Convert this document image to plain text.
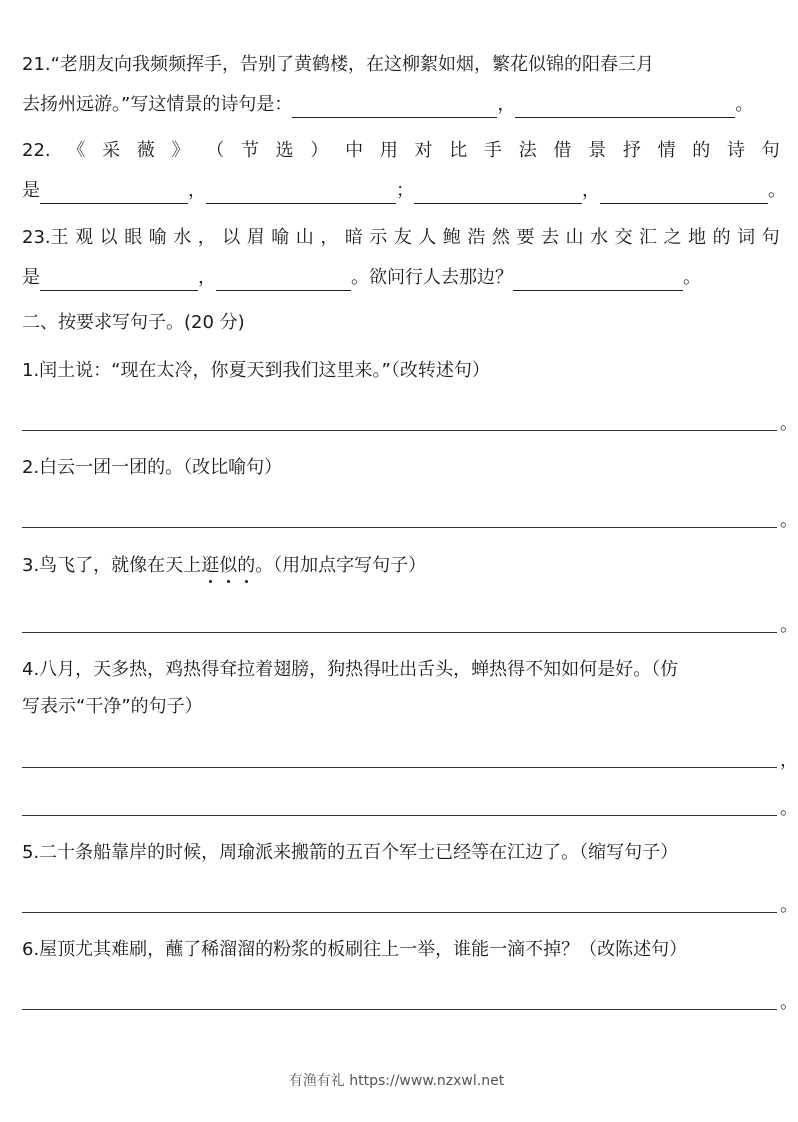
21.“老朋友向我频频挥手，告别了黄鹤楼，在这柳絮如烟，繁花似锦的阳春三月
去扬州远游。”写这情景的诗句是：	，	。
22. 《 采 薇 》 （ 节 选 ） 中 用 对 比 手 法 借 景 抒 情 的 诗 句
是	，	；	，	。
23.王 观 以 眼 喻 水 ， 以 眉 喻 山 ， 暗 示 友 人 鲍 浩 然 要 去 山 水 交 汇 之 地 的 词 句
是	，	。欲问行人去那边？	。
二、按要求写句子。(20 分)
1.闰土说：“现在太冷，你夏天到我们这里来。”（改转述句）
。
2.白云一团一团的。（改比喻句）
。
3.鸟飞了，就像在天上逛似的。（用加点字写句子）
。
4.八月，天多热，鸡热得耷拉着翅膀，狗热得吐出舌头，蝉热得不知如何是好。（仿
写表示“干净”的句子）
，
。
5.二十条船靠岸的时候，周瑜派来搬箭的五百个军士已经等在江边了。（缩写句子）
。
6.屋顶尤其难刷，蘸了稀溜溜的粉浆的板刷往上一举，谁能一滴不掉？（改陈述句）
。
有渔有礼 https://www.nzxwl.net
